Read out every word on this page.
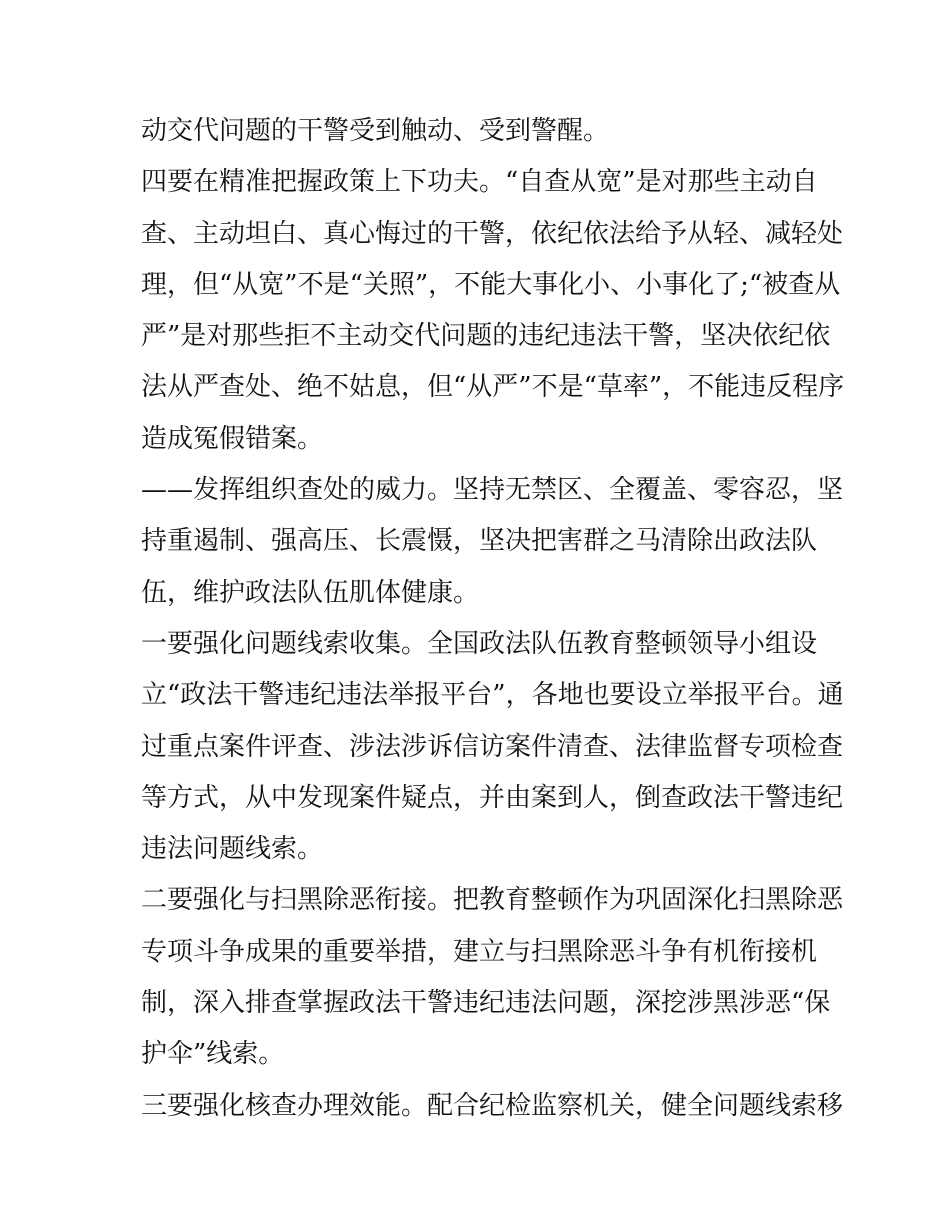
动交代问题的干警受到触动、受到警醒。
四要在精准把握政策上下功夫。“自查从宽”是对那些主动自
查、主动坦白、真心悔过的干警，依纪依法给予从轻、减轻处
理，但“从宽”不是“关照”，不能大事化小、小事化了;“被查从
严”是对那些拒不主动交代问题的违纪违法干警，坚决依纪依
法从严查处、绝不姑息，但“从严”不是“草率”，不能违反程序
造成冤假错案。
——发挥组织查处的威力。坚持无禁区、全覆盖、零容忍，坚
持重遏制、强高压、长震慑，坚决把害群之马清除出政法队
伍，维护政法队伍肌体健康。
一要强化问题线索收集。全国政法队伍教育整顿领导小组设
立“政法干警违纪违法举报平台”，各地也要设立举报平台。通
过重点案件评查、涉法涉诉信访案件清查、法律监督专项检查
等方式，从中发现案件疑点，并由案到人，倒查政法干警违纪
违法问题线索。
二要强化与扫黑除恶衔接。把教育整顿作为巩固深化扫黑除恶
专项斗争成果的重要举措，建立与扫黑除恶斗争有机衔接机
制，深入排查掌握政法干警违纪违法问题，深挖涉黑涉恶“保
护伞”线索。
三要强化核查办理效能。配合纪检监察机关，健全问题线索移
